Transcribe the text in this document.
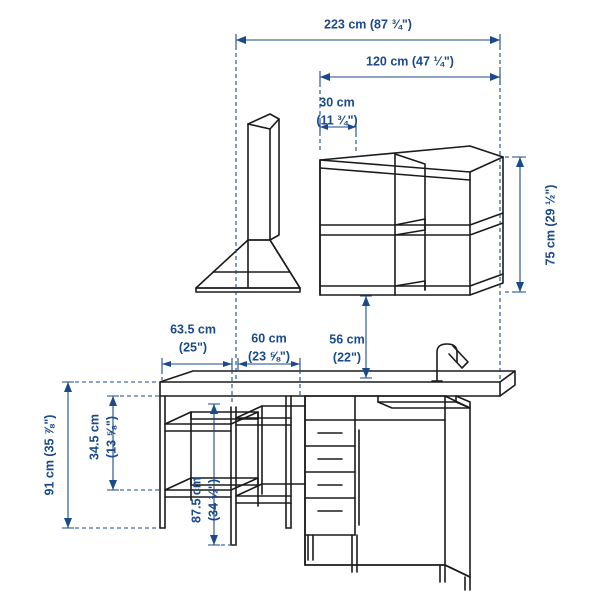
223 cm (87 ¾")
120 cm (47 ¼")
30 cm
(11 ¾")
75 cm (29 ½")
56 cm
(22")
63.5 cm
(25")
60 cm
(23 ⅝")
34.5 cm (13 ⅝")
87.5 cm (34 ½")
91 cm (35 ⅞")
